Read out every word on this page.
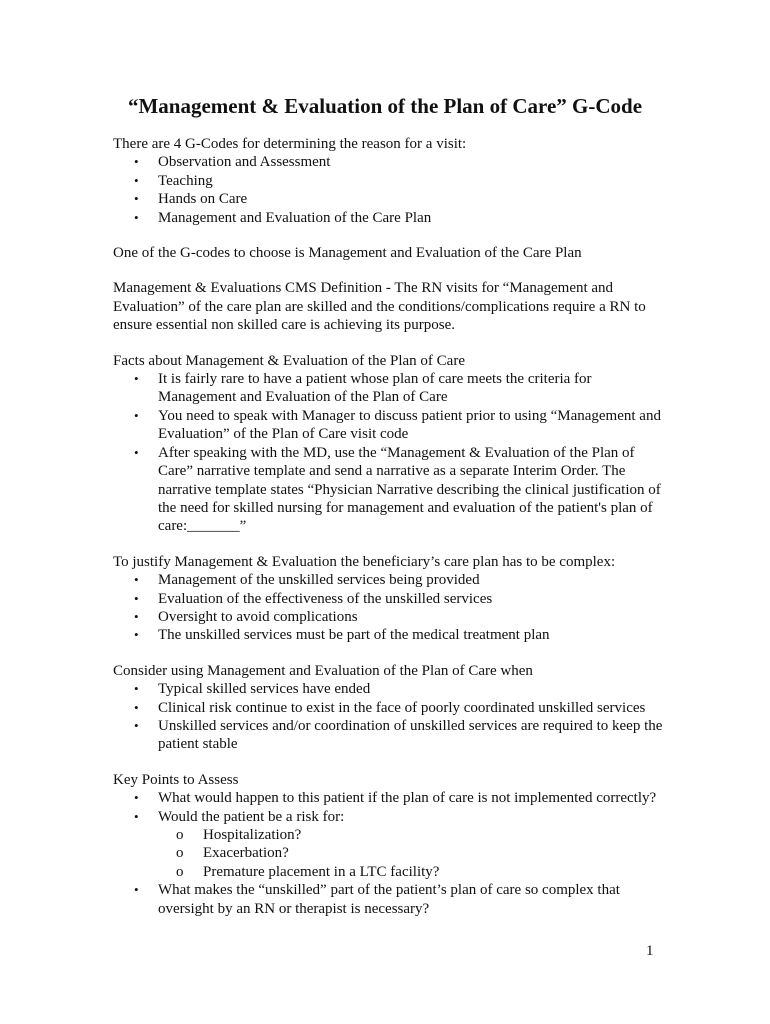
“Management & Evaluation of the Plan of Care” G-Code

There are 4 G-Codes for determining the reason for a visit:

• Observation and Assessment
• Teaching
• Hands on Care
• Management and Evaluation of the Care Plan

One of the G-codes to choose is Management and Evaluation of the Care Plan

Management & Evaluations CMS Definition - The RN visits for “Management and Evaluation” of the care plan are skilled and the conditions/complications require a RN to ensure essential non skilled care is achieving its purpose.

Facts about Management & Evaluation of the Plan of Care

• It is fairly rare to have a patient whose plan of care meets the criteria for Management and Evaluation of the Plan of Care
• You need to speak with Manager to discuss patient prior to using “Management and Evaluation” of the Plan of Care visit code
• After speaking with the MD, use the “Management & Evaluation of the Plan of Care” narrative template and send a narrative as a separate Interim Order. The narrative template states “Physician Narrative describing the clinical justification of the need for skilled nursing for management and evaluation of the patient's plan of care:_______”

To justify Management & Evaluation the beneficiary’s care plan has to be complex:

• Management of the unskilled services being provided
• Evaluation of the effectiveness of the unskilled services
• Oversight to avoid complications
• The unskilled services must be part of the medical treatment plan

Consider using Management and Evaluation of the Plan of Care when

• Typical skilled services have ended
• Clinical risk continue to exist in the face of poorly coordinated unskilled services
• Unskilled services and/or coordination of unskilled services are required to keep the patient stable

Key Points to Assess

• What would happen to this patient if the plan of care is not implemented correctly?
• Would the patient be a risk for:
o Hospitalization?
o Exacerbation?
o Premature placement in a LTC facility?
• What makes the “unskilled” part of the patient’s plan of care so complex that oversight by an RN or therapist is necessary?
1
